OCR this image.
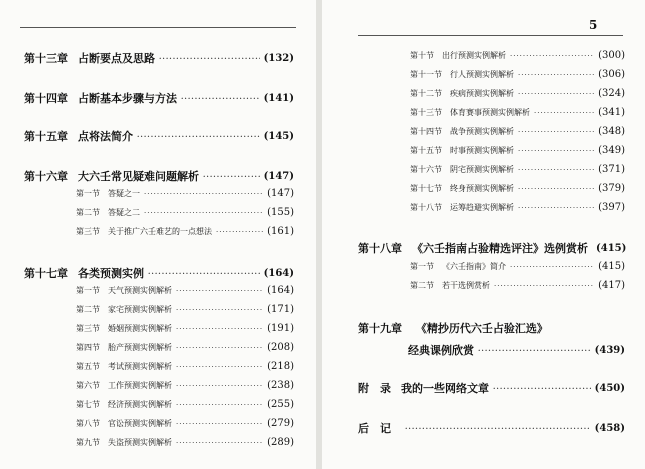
第十三章 占断要点及思路 ·····	(132)
第十四章 占断基本步骤与方法 ·····	(141)
第十五章 点将法简介 ·····	(145)
第十六章 大六壬常见疑难问题解析 ·····	(147)
第一节 答疑之一 ·····	(147)
第二节 答疑之二 ·····	(155)
第三节 关于推广六壬难艺的一点想法 ·····	(161)
第十七章 各类预测实例 ·····	(164)
第一节 天气预测实例解析 ·····	(164)
第二节 家宅预测实例解析 ·····	(171)
第三节 婚姻预测实例解析 ·····	(191)
第四节 胎产预测实例解析 ·····	(208)
第五节 考试预测实例解析 ·····	(218)
第六节 工作预测实例解析 ·····	(238)
第七节 经济预测实例解析 ·····	(255)
第八节 官讼预测实例解析 ·····	(279)
第九节 失盗预测实例解析 ·····	(289)
5
第十节 出行预测实例解析 ·····	(300)
第十一节 行人预测实例解析 ·····	(306)
第十二节 疾病预测实例解析 ·····	(324)
第十三节 体育赛事预测实例解析 ·····	(341)
第十四节 战争预测实例解析 ·····	(348)
第十五节 时事预测实例解析 ·····	(349)
第十六节 阴宅预测实例解析 ·····	(371)
第十七节 终身预测实例解析 ·····	(379)
第十八节 运筹趋避实例解析 ·····	(397)
第十八章 《六壬指南占验精选评注》选例赏析 (415)
第一节 《六壬指南》简介 ·····	(415)
第二节 若干选例赏析 ·····	(417)
第十九章 《精抄历代六壬占验汇选》
经典课例欣赏 ·····	(439)
附　录 我的一些网络文章 ·····	(450)
后　记 ·····	(458)
